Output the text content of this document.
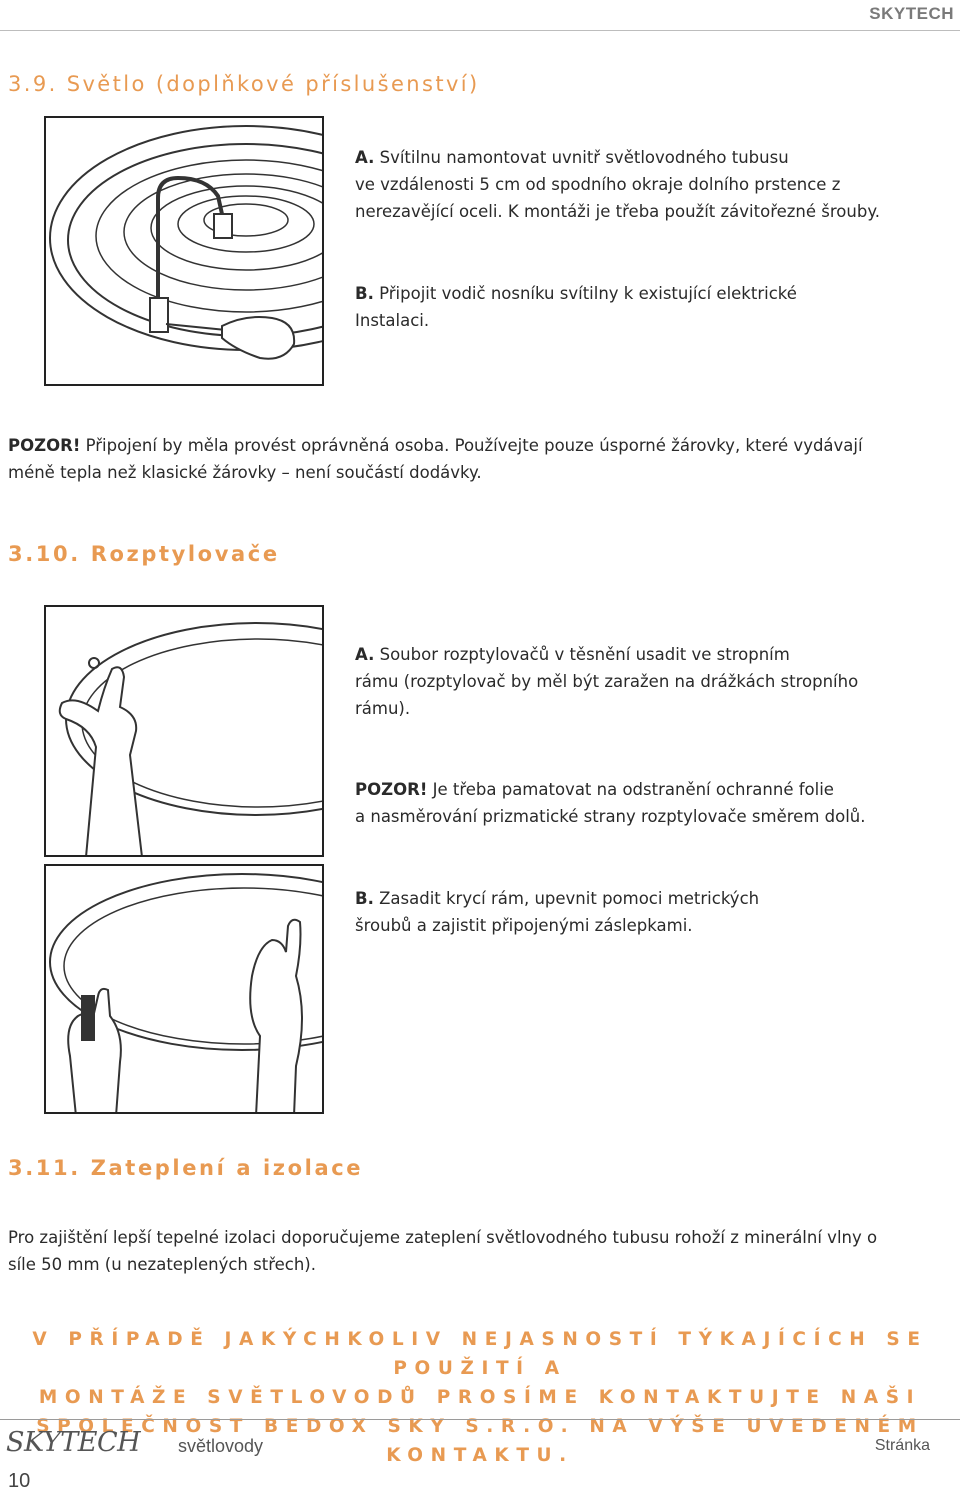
SKYTECH
3.9. Světlo (doplňkové příslušenství)
A. Svítilnu namontovat uvnitř světlovodného tubusu
ve vzdálenosti 5 cm od spodního okraje dolního prstence z
nerezavějící oceli. K montáži je třeba použít závitořezné šrouby.
B. Připojit vodič nosníku svítilny k existující elektrické
Instalaci.
POZOR! Připojení by měla provést oprávněná osoba. Používejte pouze úsporné žárovky, které vydávají
méně tepla než klasické žárovky – není součástí dodávky.
3.10. Rozptylovače
A. Soubor rozptylovačů v těsnění usadit ve stropním
rámu (rozptylovač by měl být zaražen na drážkách stropního
rámu).
POZOR! Je třeba pamatovat na odstranění ochranné folie
a nasměrování prizmatické strany rozptylovače směrem dolů.
B. Zasadit krycí rám, upevnit pomoci metrických
šroubů a zajistit připojenými záslepkami.
3.11. Zateplení a izolace
Pro zajištění lepší tepelné izolaci doporučujeme zateplení světlovodného tubusu rohoží z minerální vlny o
síle 50 mm (u nezateplených střech).
V PŘÍPADĚ JAKÝCHKOLIV NEJASNOSTÍ TÝKAJÍCÍCH SE POUŽITÍ A
MONTÁŽE SVĚTLOVODŮ PROSÍME KONTAKTUJTE NAŠI
SPOLEČNOST BEDOX SKY S.R.O. NA VÝŠE UVEDENÉM KONTAKTU.
SKYTECH světlovody	Stránka
10
